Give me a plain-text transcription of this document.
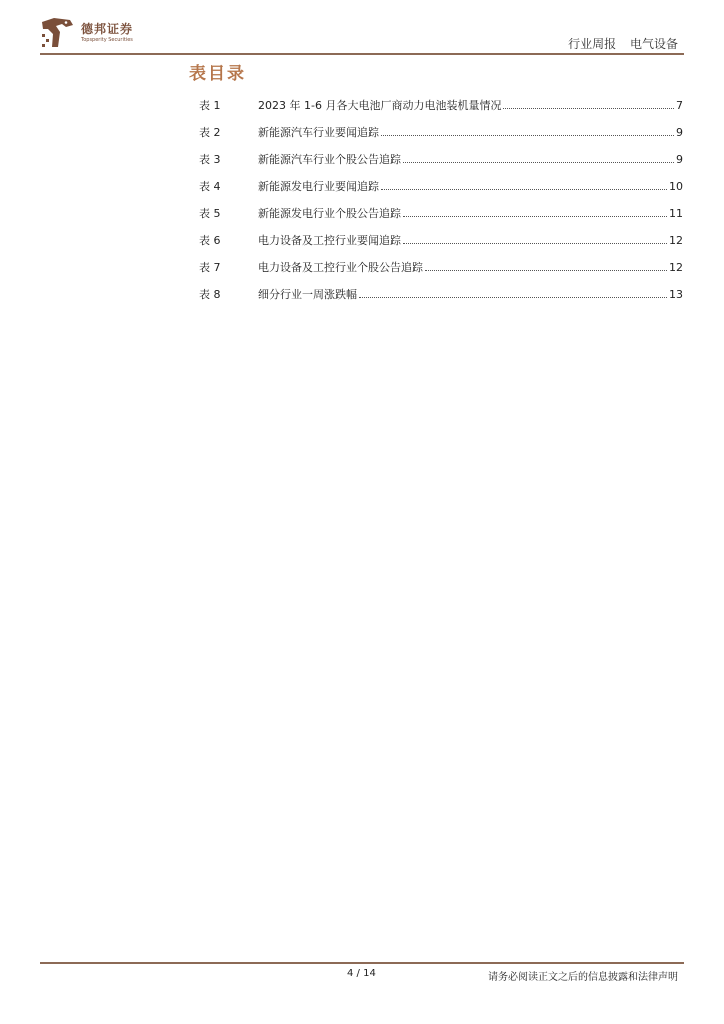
德邦证券
Topsperity Securities	行业周报 电气设备
表目录
表 1	2023 年 1-6 月各大电池厂商动力电池装机量情况	7
表 2	新能源汽车行业要闻追踪	9
表 3	新能源汽车行业个股公告追踪	9
表 4	新能源发电行业要闻追踪	10
表 5	新能源发电行业个股公告追踪	11
表 6	电力设备及工控行业要闻追踪	12
表 7	电力设备及工控行业个股公告追踪	12
表 8	细分行业一周涨跌幅	13
4 / 14	请务必阅读正文之后的信息披露和法律声明
